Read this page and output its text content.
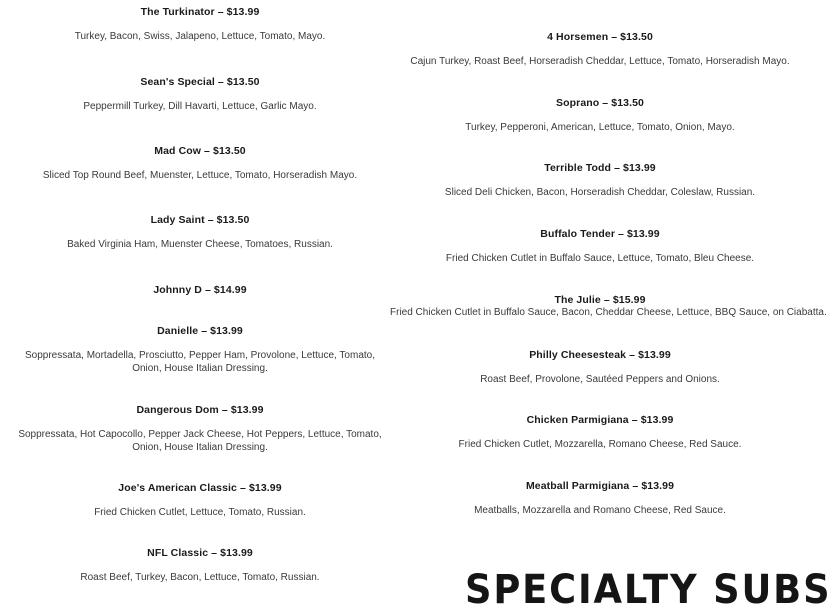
The Turkinator – $13.99
Turkey, Bacon, Swiss, Jalapeno, Lettuce, Tomato, Mayo.
Sean's Special – $13.50
Peppermill Turkey, Dill Havarti, Lettuce, Garlic Mayo.
Mad Cow – $13.50
Sliced Top Round Beef, Muenster, Lettuce, Tomato, Horseradish Mayo.
Lady Saint – $13.50
Baked Virginia Ham, Muenster Cheese, Tomatoes, Russian.
Johnny D – $14.99
Danielle – $13.99
Soppressata, Mortadella, Prosciutto, Pepper Ham, Provolone, Lettuce, Tomato, Onion, House Italian Dressing.
Dangerous Dom – $13.99
Soppressata, Hot Capocollo, Pepper Jack Cheese, Hot Peppers, Lettuce, Tomato, Onion, House Italian Dressing.
Joe's American Classic – $13.99
Fried Chicken Cutlet, Lettuce, Tomato, Russian.
NFL Classic – $13.99
Roast Beef, Turkey, Bacon, Lettuce, Tomato, Russian.
4 Horsemen – $13.50
Cajun Turkey, Roast Beef, Horseradish Cheddar, Lettuce, Tomato, Horseradish Mayo.
Soprano – $13.50
Turkey, Pepperoni, American, Lettuce, Tomato, Onion, Mayo.
Terrible Todd – $13.99
Sliced Deli Chicken, Bacon, Horseradish Cheddar, Coleslaw, Russian.
Buffalo Tender – $13.99
Fried Chicken Cutlet in Buffalo Sauce, Lettuce, Tomato, Bleu Cheese.
The Julie – $15.99
Fried Chicken Cutlet in Buffalo Sauce, Bacon, Cheddar Cheese, Lettuce, BBQ Sauce, on Ciabatta.
Philly Cheesesteak – $13.99
Roast Beef, Provolone, Sautéed Peppers and Onions.
Chicken Parmigiana – $13.99
Fried Chicken Cutlet, Mozzarella, Romano Cheese, Red Sauce.
Meatball Parmigiana – $13.99
Meatballs, Mozzarella and Romano Cheese, Red Sauce.
SPECIALTY SUBS
